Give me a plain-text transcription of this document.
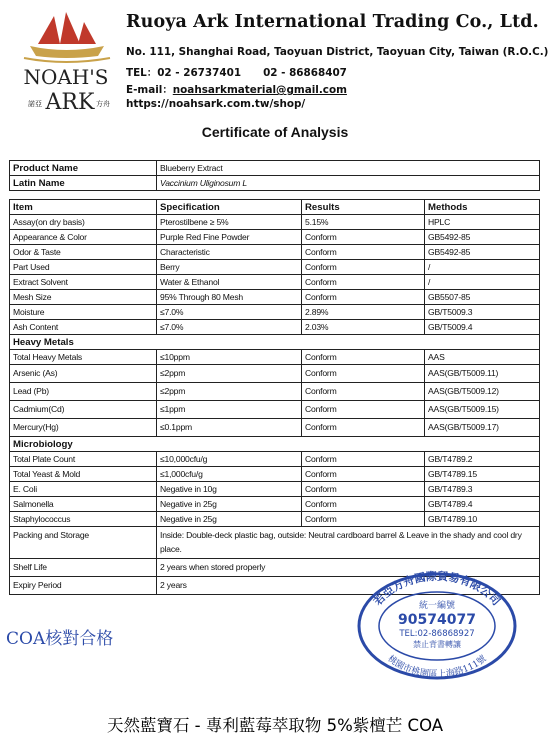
NOAH'S
諾亞 ARK 方舟
Ruoya Ark International Trading Co., Ltd.
No. 111, Shanghai Road, Taoyuan District, Taoyuan City, Taiwan (R.O.C.)
TEL：02 - 26737401 02 - 86868407
E-mail：noahsarkmaterial@gmail.com
https://noahsark.com.tw/shop/
Certificate of Analysis
Product Name	Blueberry Extract		
Latin Name	Vaccinium Uliginosum L		

Item	Specification	Results	Methods
Assay(on dry basis)	Pterostilbene ≥ 5%	5.15%	HPLC
Appearance & Color	Purple Red Fine Powder	Conform	GB5492-85
Odor & Taste	Characteristic	Conform	GB5492-85
Part Used	Berry	Conform	/
Extract Solvent	Water & Ethanol	Conform	/
Mesh Size	95% Through 80 Mesh	Conform	GB5507-85
Moisture	≤7.0%	2.89%	GB/T5009.3
Ash Content	≤7.0%	2.03%	GB/T5009.4
Heavy Metals			
Total Heavy Metals	≤10ppm	Conform	AAS
Arsenic (As)	≤2ppm	Conform	AAS(GB/T5009.11)
Lead (Pb)	≤2ppm	Conform	AAS(GB/T5009.12)
Cadmium(Cd)	≤1ppm	Conform	AAS(GB/T5009.15)
Mercury(Hg)	≤0.1ppm	Conform	AAS(GB/T5009.17)
Microbiology			
Total Plate Count	≤10,000cfu/g	Conform	GB/T4789.2
Total Yeast & Mold	≤1,000cfu/g	Conform	GB/T4789.15
E. Coli	Negative in 10g	Conform	GB/T4789.3
Salmonella	Negative in 25g	Conform	GB/T4789.4
Staphylococcus	Negative in 25g	Conform	GB/T4789.10
Packing and Storage	Inside: Double-deck plastic bag, outside: Neutral cardboard barrel & Leave in the shady and cool dry place.		
Shelf Life	2 years when stored properly		
Expiry Period	2 years		
若亞方舟國際貿易有限公司
桃園市桃園區上海路111號
統一編號
90574077
TEL:02-86868927
禁止背書轉讓
COA核對合格
天然藍寶石 - 專利藍莓萃取物 5%紫檀芒 COA
